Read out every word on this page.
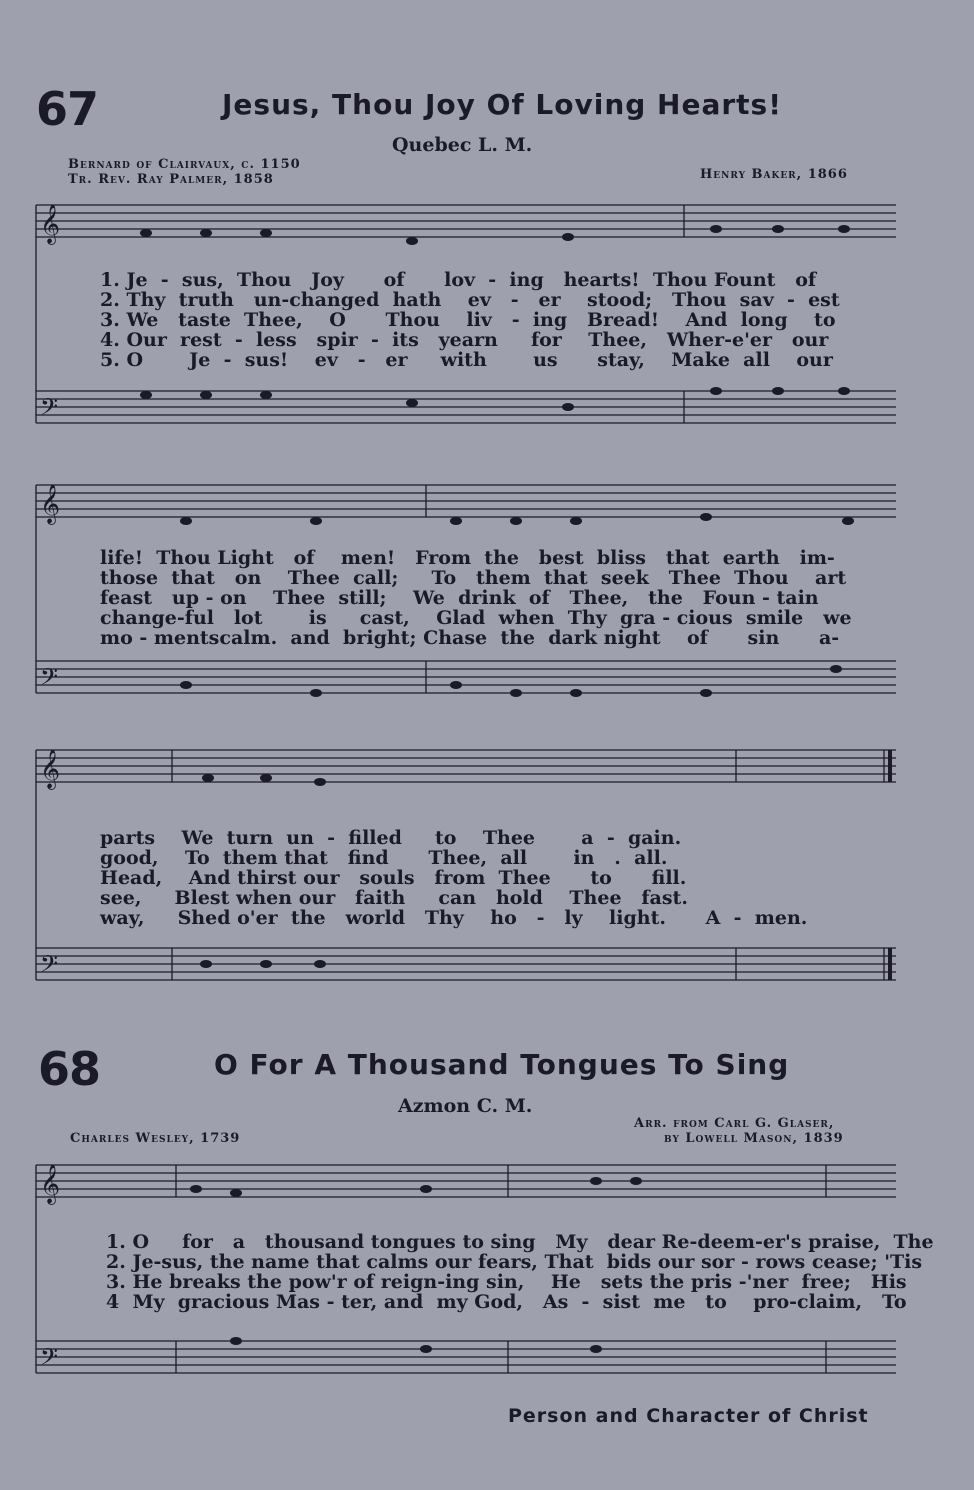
67	Jesus, Thou Joy Of Loving Hearts!
Quebec L. M.
Bernard of Clairvaux, c. 1150
Tr. Rev. Ray Palmer, 1858	Henry Baker, 1866
𝄞
𝄢
1. Je  -  sus,  Thou   Joy      of      lov  -  ing   hearts!  Thou Fount   of
2. Thy  truth   un-changed  hath    ev   -   er    stood;   Thou  sav  -  est
3. We   taste  Thee,    O      Thou    liv   -  ing   Bread!    And  long    to
4. Our  rest  -  less   spir  -  its   yearn     for    Thee,   Wher-e'er   our
5. O       Je  -  sus!    ev   -   er     with       us      stay,    Make  all    our
𝄞
𝄢
life!  Thou Light   of    men!   From  the   best  bliss   that  earth   im-
those  that   on    Thee  call;     To   them  that  seek   Thee  Thou    art
feast   up - on    Thee  still;    We  drink  of   Thee,   the   Foun - tain
change-ful   lot       is     cast,    Glad  when  Thy  gra - cious  smile   we
mo - mentscalm.  and  bright; Chase  the  dark night    of      sin      a-
𝄞
𝄢
parts    We  turn  un  -  filled     to    Thee       a  -  gain.
good,    To  them that   find      Thee,  all       in   .  all.
Head,    And thirst our   souls   from  Thee      to      fill.
see,     Blest when our   faith     can   hold    Thee   fast.
way,     Shed o'er  the   world   Thy    ho   -   ly    light.      A  -  men.
68	O For A Thousand Tongues To Sing
Azmon C. M.
Charles Wesley, 1739
Arr. from Carl G. Glaser,
by Lowell Mason, 1839
𝄞
𝄢
1. O     for   a   thousand tongues to sing   My   dear Re-deem-er's praise,  The
2. Je-sus, the name that calms our fears, That  bids our sor - rows cease; 'Tis
3. He breaks the pow'r of reign-ing sin,    He   sets the pris -'ner  free;   His
4  My  gracious Mas - ter, and  my God,   As  -  sist  me   to    pro-claim,   To
Person and Character of Christ
